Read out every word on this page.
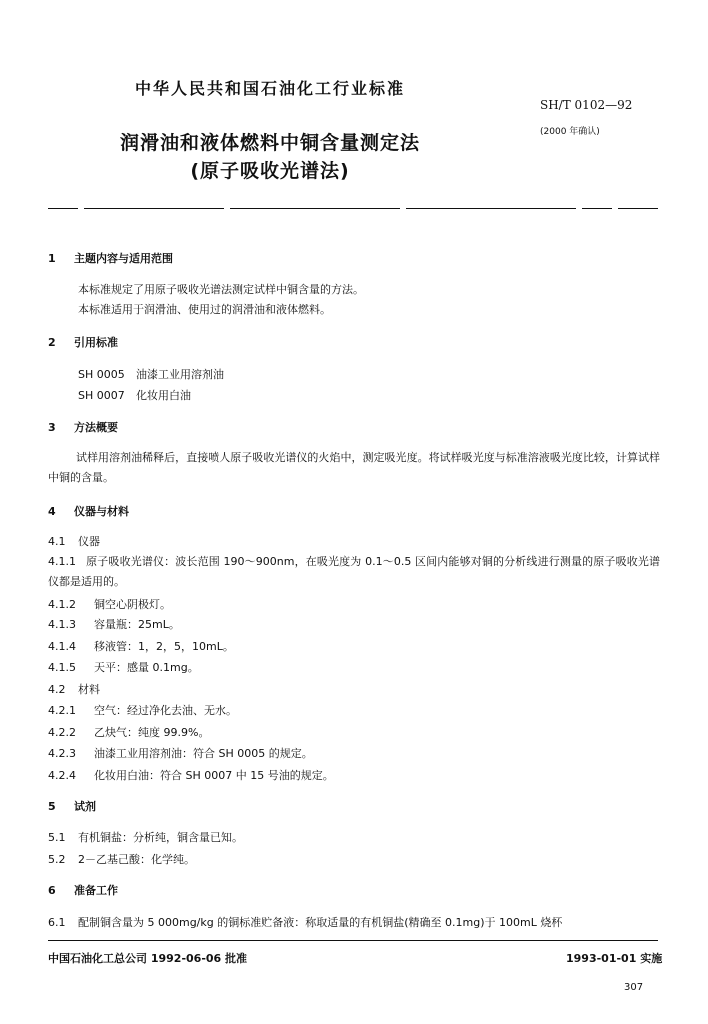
中华人民共和国石油化工行业标准
SH/T 0102—92
(2000 年确认)
润滑油和液体燃料中铜含量测定法
(原子吸收光谱法)
1 主题内容与适用范围
本标准规定了用原子吸收光谱法测定试样中铜含量的方法。
本标准适用于润滑油、使用过的润滑油和液体燃料。
2 引用标准
SH 0005 油漆工业用溶剂油
SH 0007 化妆用白油
3 方法概要
试样用溶剂油稀释后，直接喷人原子吸收光谱仪的火焰中，测定吸光度。将试样吸光度与标准溶液吸光度比较，计算试样中铜的含量。
4 仪器与材料
4.1 仪器
4.1.1 原子吸收光谱仪：波长范围 190～900nm，在吸光度为 0.1～0.5 区间内能够对铜的分析线进行测量的原子吸收光谱仪都是适用的。
4.1.2 铜空心阴极灯。
4.1.3 容量瓶：25mL。
4.1.4 移液管：1，2，5，10mL。
4.1.5 天平：感量 0.1mg。
4.2 材料
4.2.1 空气：经过净化去油、无水。
4.2.2 乙炔气：纯度 99.9%。
4.2.3 油漆工业用溶剂油：符合 SH 0005 的规定。
4.2.4 化妆用白油：符合 SH 0007 中 15 号油的规定。
5 试剂
5.1 有机铜盐：分析纯，铜含量已知。
5.2 2－乙基己酸：化学纯。
6 准备工作
6.1 配制铜含量为 5 000mg/kg 的铜标准贮备液：称取适量的有机铜盐(精确至 0.1mg)于 100mL 烧杯
中国石油化工总公司 1992-06-06 批准	1993-01-01 实施
307
